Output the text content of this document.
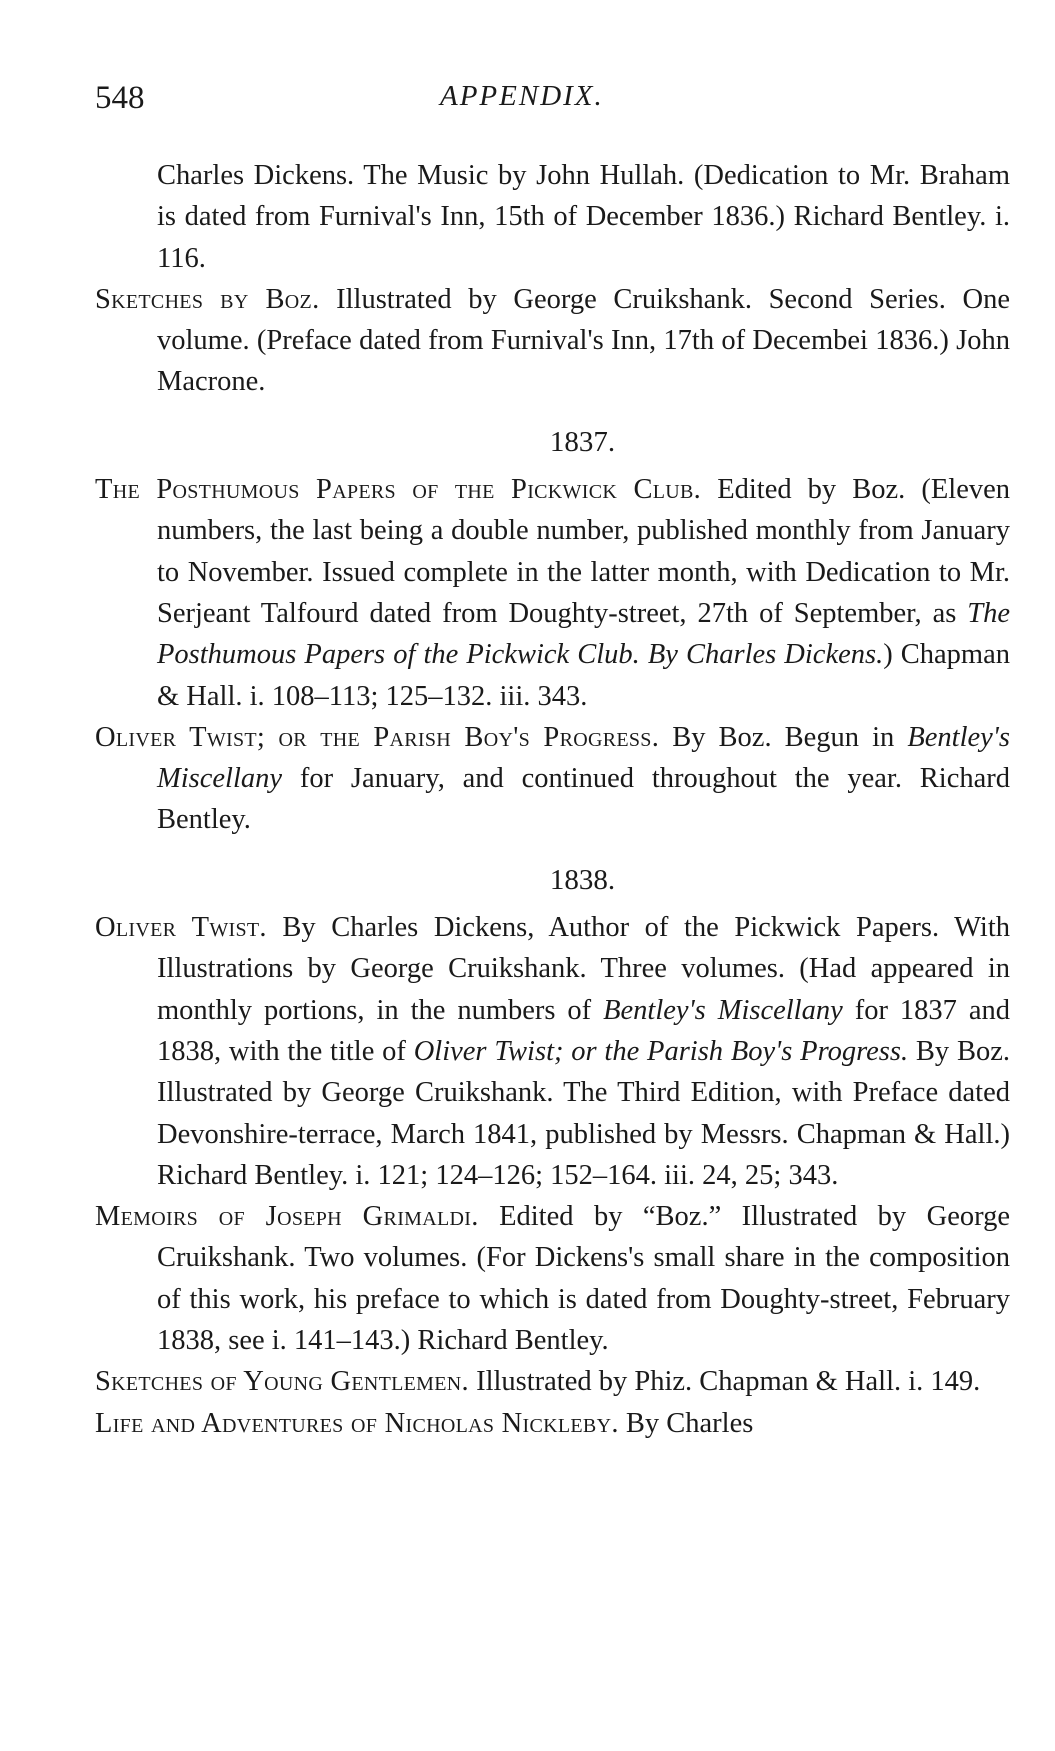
548	APPENDIX.

Charles Dickens. The Music by John Hullah. (Dedication to Mr. Braham is dated from Furnival's Inn, 15th of December 1836.) Richard Bentley. i. 116.

Sketches by Boz. Illustrated by George Cruikshank. Second Series. One volume. (Preface dated from Furnival's Inn, 17th of Decembei 1836.) John Macrone.

1837.

The Posthumous Papers of the Pickwick Club. Edited by Boz. (Eleven numbers, the last being a double number, published monthly from January to November. Issued complete in the latter month, with Dedication to Mr. Serjeant Talfourd dated from Doughty-street, 27th of September, as The Posthumous Papers of the Pickwick Club. By Charles Dickens.) Chapman & Hall. i. 108–113; 125–132. iii. 343.

Oliver Twist; or the Parish Boy's Progress. By Boz. Begun in Bentley's Miscellany for January, and continued throughout the year. Richard Bentley.

1838.

Oliver Twist. By Charles Dickens, Author of the Pickwick Papers. With Illustrations by George Cruikshank. Three volumes. (Had appeared in monthly portions, in the numbers of Bentley's Miscellany for 1837 and 1838, with the title of Oliver Twist; or the Parish Boy's Progress. By Boz. Illustrated by George Cruikshank. The Third Edition, with Preface dated Devonshire-terrace, March 1841, published by Messrs. Chapman & Hall.) Richard Bentley. i. 121; 124–126; 152–164. iii. 24, 25; 343.

Memoirs of Joseph Grimaldi. Edited by “Boz.” Illustrated by George Cruikshank. Two volumes. (For Dickens's small share in the composition of this work, his preface to which is dated from Doughty-street, February 1838, see i. 141–143.) Richard Bentley.

Sketches of Young Gentlemen. Illustrated by Phiz. Chapman & Hall. i. 149.

Life and Adventures of Nicholas Nickleby. By Charles
